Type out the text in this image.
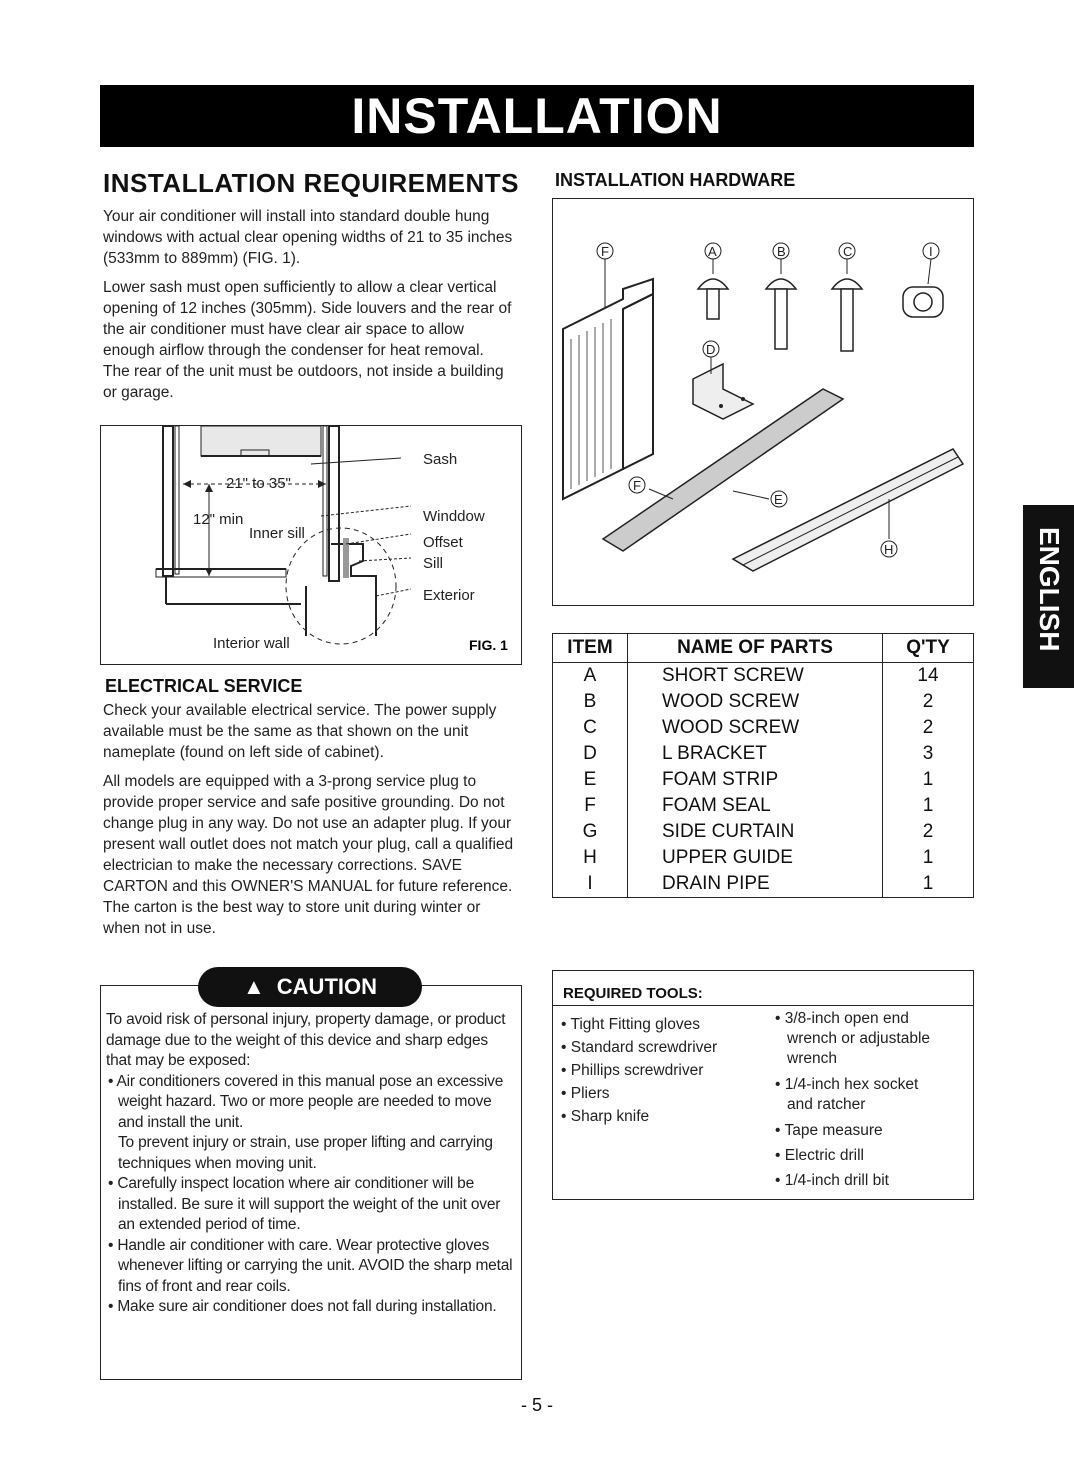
INSTALLATION
INSTALLATION REQUIREMENTS

Your air conditioner will install into standard double hung windows with actual clear opening widths of 21 to 35 inches (533mm to 889mm) (FIG. 1).

Lower sash must open sufficiently to allow a clear vertical opening of 12 inches (305mm). Side louvers and the rear of the air conditioner must have clear air space to allow enough airflow through the condenser for heat removal. The rear of the unit must be outdoors, not inside a building or garage.

21" to 35"
12" min
Inner sill
Sash
Winddow
Offset
Sill
Exterior
Interior wall	FIG. 1
ELECTRICAL SERVICE

Check your available electrical service. The power supply available must be the same as that shown on the unit nameplate (found on left side of cabinet).

All models are equipped with a 3-prong service plug to provide proper service and safe positive grounding. Do not change plug in any way. Do not use an adapter plug. If your present wall outlet does not match your plug, call a qualified electrician to make the necessary corrections. SAVE CARTON and this OWNER'S MANUAL for future reference. The carton is the best way to store unit during winter or when not in use.

▲ CAUTION

To avoid risk of personal injury, property damage, or product damage due to the weight of this device and sharp edges that may be exposed:

• Air conditioners covered in this manual pose an excessive weight hazard. Two or more people are needed to move and install the unit.

To prevent injury or strain, use proper lifting and carrying techniques when moving unit.

• Carefully inspect location where air conditioner will be installed. Be sure it will support the weight of the unit over an extended period of time.

• Handle air conditioner with care. Wear protective gloves whenever lifting or carrying the unit. AVOID the sharp metal fins of front and rear coils.

• Make sure air conditioner does not fall during installation.

INSTALLATION HARDWARE
F	A	B	C	I
D
F
E
H
ITEM	NAME OF PARTS	Q'TY
A	SHORT SCREW	14
B	WOOD SCREW	2
C	WOOD SCREW	2
D	L BRACKET	3
E	FOAM STRIP	1
F	FOAM SEAL	1
G	SIDE CURTAIN	2
H	UPPER GUIDE	1
I	DRAIN PIPE	1
REQUIRED TOOLS:
• Tight Fitting gloves
• Standard screwdriver
• Phillips screwdriver
• Pliers
• Sharp knife
• 3/8-inch open end
wrench or adjustable
wrench
• 1/4-inch hex socket
and ratcher
• Tape measure
• Electric drill
• 1/4-inch drill bit
ENGLISH
- 5 -
